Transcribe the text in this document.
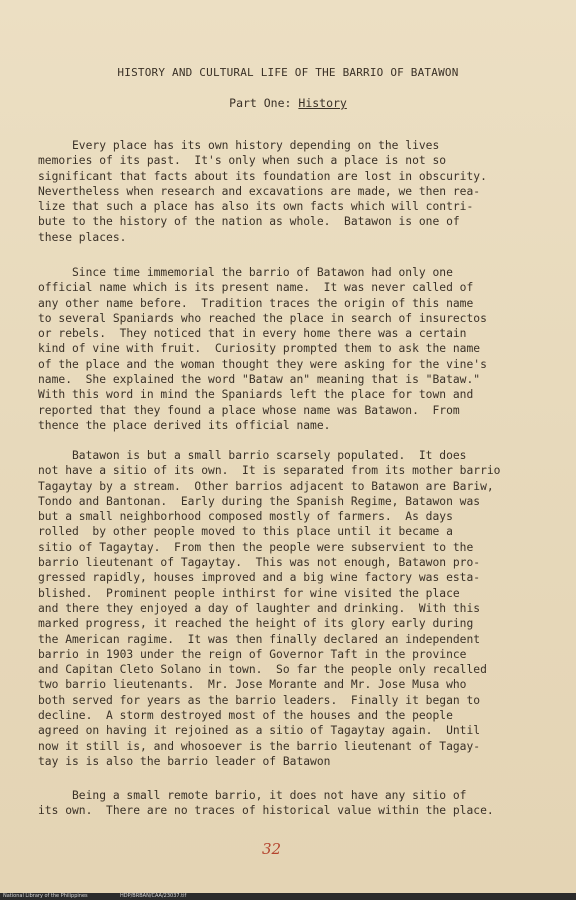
HISTORY AND CULTURAL LIFE OF THE BARRIO OF BATAWON
Part One: History
Every place has its own history depending on the lives
memories of its past.  It's only when such a place is not so
significant that facts about its foundation are lost in obscurity.
Nevertheless when research and excavations are made, we then rea-
lize that such a place has also its own facts which will contri-
bute to the history of the nation as whole.  Batawon is one of
these places.
Since time immemorial the barrio of Batawon had only one
official name which is its present name.  It was never called of
any other name before.  Tradition traces the origin of this name
to several Spaniards who reached the place in search of insurectos
or rebels.  They noticed that in every home there was a certain
kind of vine with fruit.  Curiosity prompted them to ask the name
of the place and the woman thought they were asking for the vine's
name.  She explained the word "Bataw an" meaning that is "Bataw."
With this word in mind the Spaniards left the place for town and
reported that they found a place whose name was Batawon.  From
thence the place derived its official name.
Batawon is but a small barrio scarsely populated.  It does
not have a sitio of its own.  It is separated from its mother barrio
Tagaytay by a stream.  Other barrios adjacent to Batawon are Bariw,
Tondo and Bantonan.  Early during the Spanish Regime, Batawon was
but a small neighborhood composed mostly of farmers.  As days
rolled  by other people moved to this place until it became a
sitio of Tagaytay.  From then the people were subservient to the
barrio lieutenant of Tagaytay.  This was not enough, Batawon pro-
gressed rapidly, houses improved and a big wine factory was esta-
blished.  Prominent people inthirst for wine visited the place
and there they enjoyed a day of laughter and drinking.  With this
marked progress, it reached the height of its glory early during
the American ragime.  It was then finally declared an independent
barrio in 1903 under the reign of Governor Taft in the province
and Capitan Cleto Solano in town.  So far the people only recalled
two barrio lieutenants.  Mr. Jose Morante and Mr. Jose Musa who
both served for years as the barrio leaders.  Finally it began to
decline.  A storm destroyed most of the houses and the people
agreed on having it rejoined as a sitio of Tagaytay again.  Until
now it still is, and whosoever is the barrio lieutenant of Tagay-
tay is is also the barrio leader of Batawon
Being a small remote barrio, it does not have any sitio of
its own.  There are no traces of historical value within the place.
32
National Library of the Philippines	HDP/BRBAN/CAA/23037.tif
